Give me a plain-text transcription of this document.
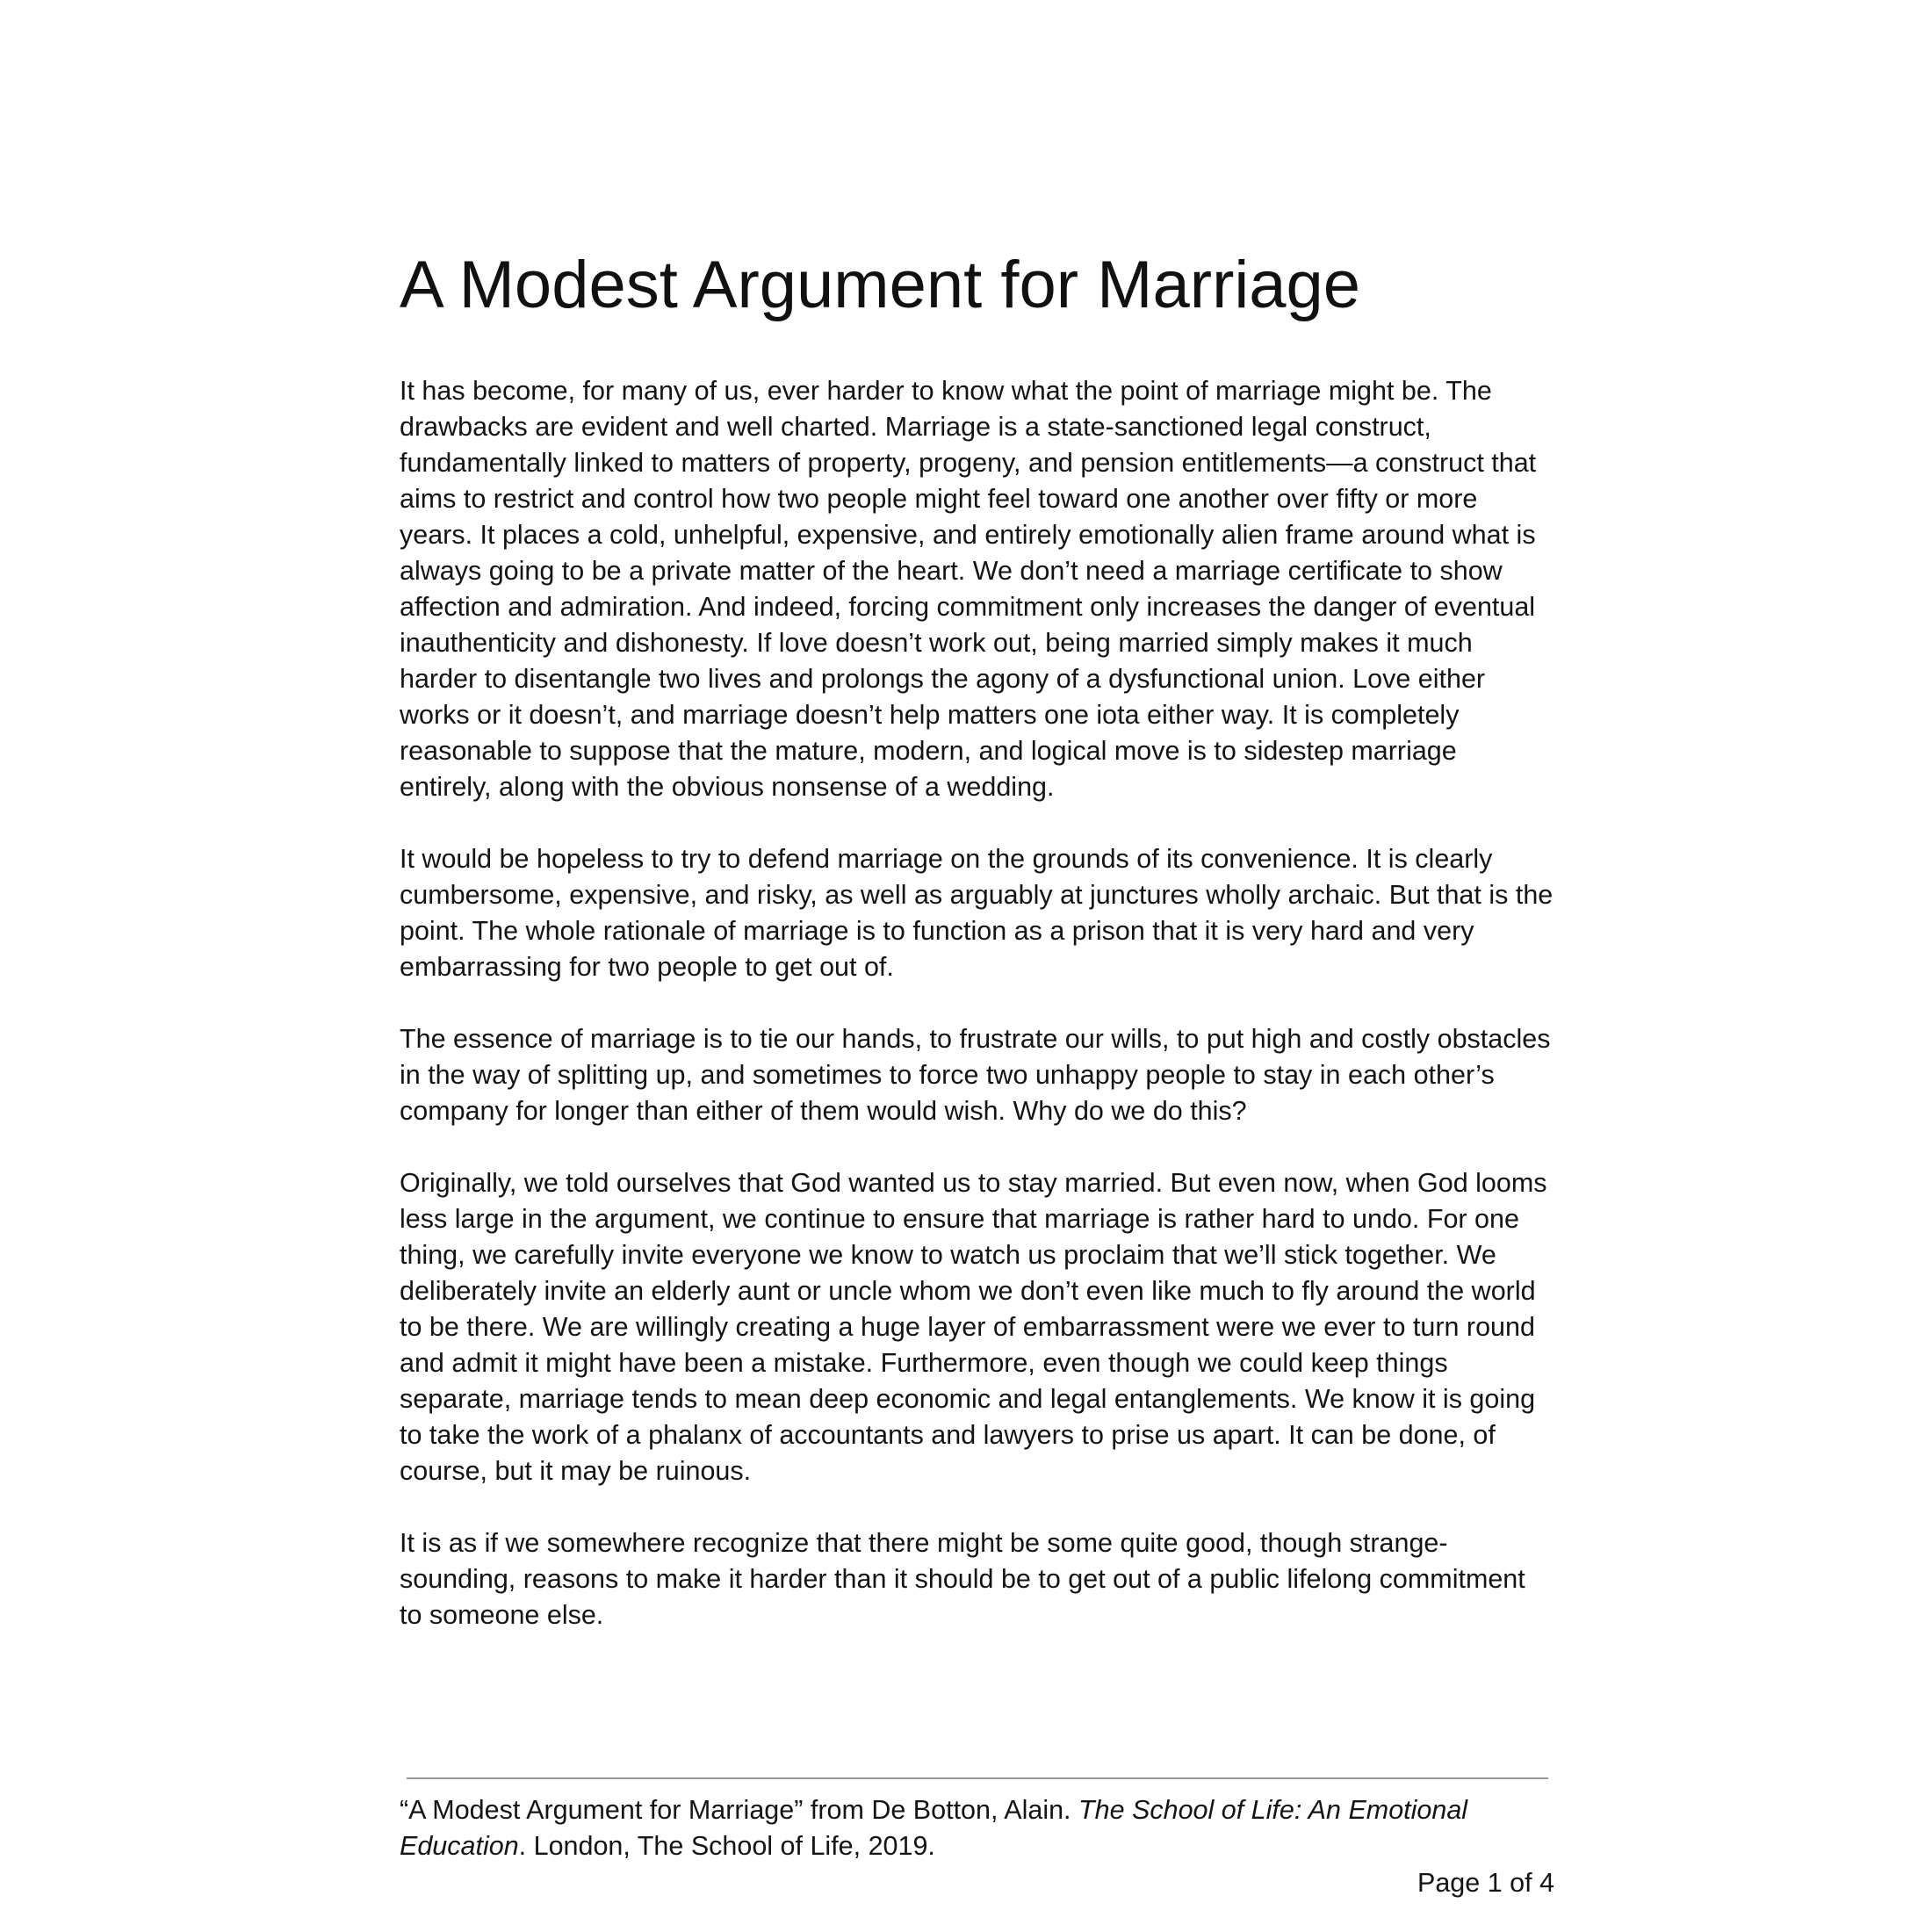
A Modest Argument for Marriage

It has become, for many of us, ever harder to know what the point of marriage might be. The drawbacks are evident and well charted. Marriage is a state-sanctioned legal construct, fundamentally linked to matters of property, progeny, and pension entitlements—a construct that aims to restrict and control how two people might feel toward one another over fifty or more years. It places a cold, unhelpful, expensive, and entirely emotionally alien frame around what is always going to be a private matter of the heart. We don’t need a marriage certificate to show affection and admiration. And indeed, forcing commitment only increases the danger of eventual inauthenticity and dishonesty. If love doesn’t work out, being married simply makes it much harder to disentangle two lives and prolongs the agony of a dysfunctional union. Love either works or it doesn’t, and marriage doesn’t help matters one iota either way. It is completely reasonable to suppose that the mature, modern, and logical move is to sidestep marriage entirely, along with the obvious nonsense of a wedding.

It would be hopeless to try to defend marriage on the grounds of its convenience. It is clearly cumbersome, expensive, and risky, as well as arguably at junctures wholly archaic. But that is the point. The whole rationale of marriage is to function as a prison that it is very hard and very embarrassing for two people to get out of.

The essence of marriage is to tie our hands, to frustrate our wills, to put high and costly obstacles in the way of splitting up, and sometimes to force two unhappy people to stay in each other’s company for longer than either of them would wish. Why do we do this?

Originally, we told ourselves that God wanted us to stay married. But even now, when God looms less large in the argument, we continue to ensure that marriage is rather hard to undo. For one thing, we carefully invite everyone we know to watch us proclaim that we’ll stick together. We deliberately invite an elderly aunt or uncle whom we don’t even like much to fly around the world to be there. We are willingly creating a huge layer of embarrassment were we ever to turn round and admit it might have been a mistake. Furthermore, even though we could keep things separate, marriage tends to mean deep economic and legal entanglements. We know it is going to take the work of a phalanx of accountants and lawyers to prise us apart. It can be done, of course, but it may be ruinous.

It is as if we somewhere recognize that there might be some quite good, though strange-sounding, reasons to make it harder than it should be to get out of a public lifelong commitment to someone else.

“A Modest Argument for Marriage” from De Botton, Alain. The School of Life: An Emotional Education. London, The School of Life, 2019.

Page 1 of 4
